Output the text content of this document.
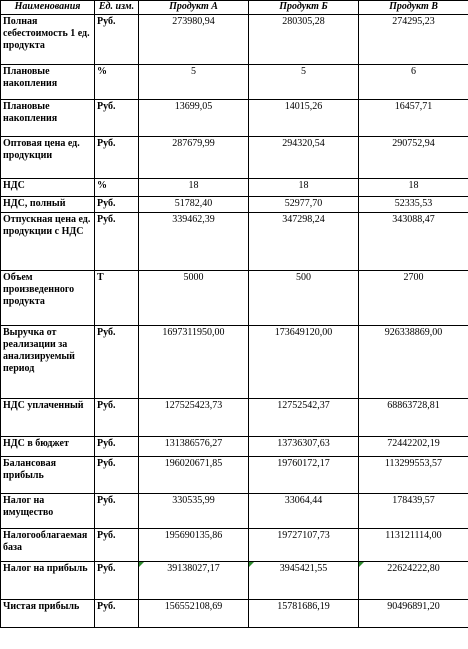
Наименования	Ед. изм.	Продукт А	Продукт Б	Продукт В
Полная себестоимость 1 ед. продукта	Руб.	273980,94	280305,28	274295,23
Плановые накопления	%	5	5	6
Плановые накопления	Руб.	13699,05	14015,26	16457,71
Оптовая цена ед. продукции	Руб.	287679,99	294320,54	290752,94
НДС	%	18	18	18
НДС, полный	Руб.	51782,40	52977,70	52335,53
Отпускная цена ед. продукции с НДС	Руб.	339462,39	347298,24	343088,47
Объем произведенного продукта	Т	5000	500	2700
Выручка от реализации за анализируемый период	Руб.	1697311950,00	173649120,00	926338869,00
НДС уплаченный	Руб.	127525423,73	12752542,37	68863728,81
НДС в бюджет	Руб.	131386576,27	13736307,63	72442202,19
Балансовая прибыль	Руб.	196020671,85	19760172,17	113299553,57
Налог на имущество	Руб.	330535,99	33064,44	178439,57
Налогооблагаемая база	Руб.	195690135,86	19727107,73	113121114,00
Налог на прибыль	Руб.	39138027,17	3945421,55	22624222,80
Чистая прибыль	Руб.	156552108,69	15781686,19	90496891,20
